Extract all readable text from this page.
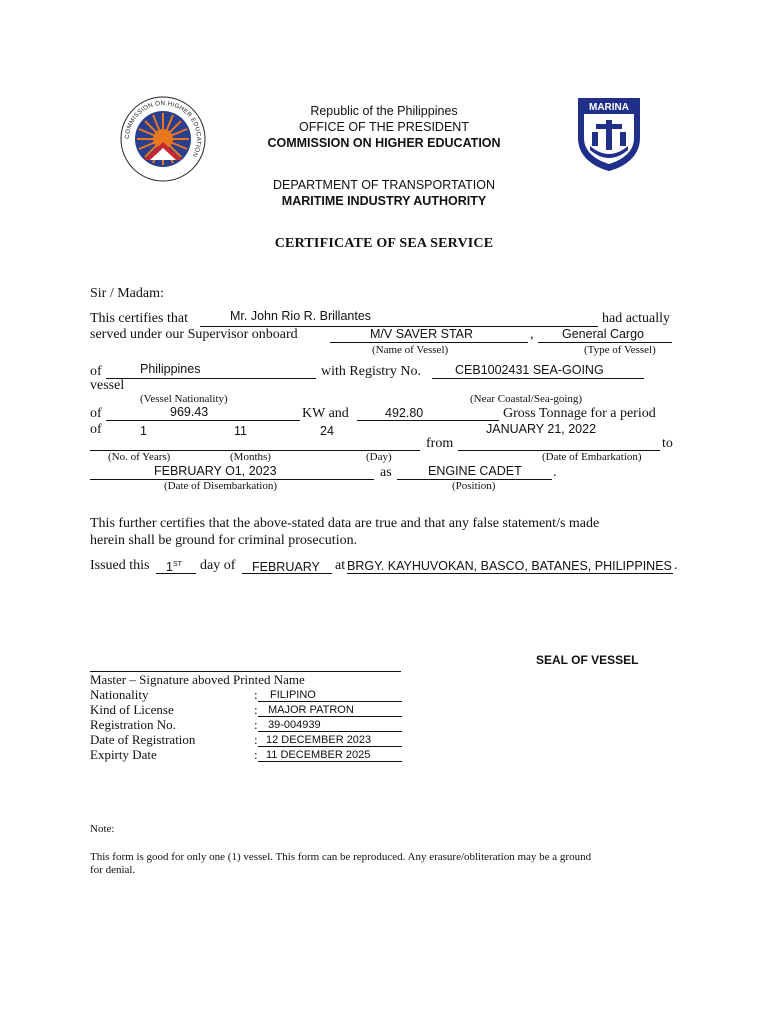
COMMISSION ON HIGHER EDUCATION
MARINA
Republic of the Philippines
OFFICE OF THE PRESIDENT
COMMISSION ON HIGHER EDUCATION
DEPARTMENT OF TRANSPORTATION
MARITIME INDUSTRY AUTHORITY
CERTIFICATE OF SEA SERVICE
Sir / Madam:
This certifies that	Mr. John Rio R. Brillantes	had actually
served under our Supervisor onboard	M/V SAVER STAR	, General Cargo
(Name of Vessel)	(Type of Vessel)
of	Philippines	with Registry No.	CEB1002431 SEA-GOING
vessel
(Vessel Nationality)	(Near Coastal/Sea-going)
of	969.43	KW and	492.80	Gross Tonnage for a period
of	1	11	24	JANUARY 21, 2022
from	to
(No. of Years)	(Months)	(Day)	(Date of Embarkation)
FEBRUARY O1, 2023	as	ENGINE CADET .
(Date of Disembarkation)	(Position)
This further certifies that the above-stated data are true and that any false statement/s made
herein shall be ground for criminal prosecution.
Issued this 1ST day of FEBRUARY at BRGY. KAYHUVOKAN, BASCO, BATANES, PHILIPPINES .
SEAL OF VESSEL
Master – Signature aboved Printed Name
Nationality	: FILIPINO
Kind of License	: MAJOR PATRON
Registration No.	: 39-004939
Date of Registration	: 12 DECEMBER 2023
Expirty Date	: 11 DECEMBER 2025
Note:
This form is good for only one (1) vessel. This form can be reproduced. Any erasure/obliteration may be a ground
for denial.
